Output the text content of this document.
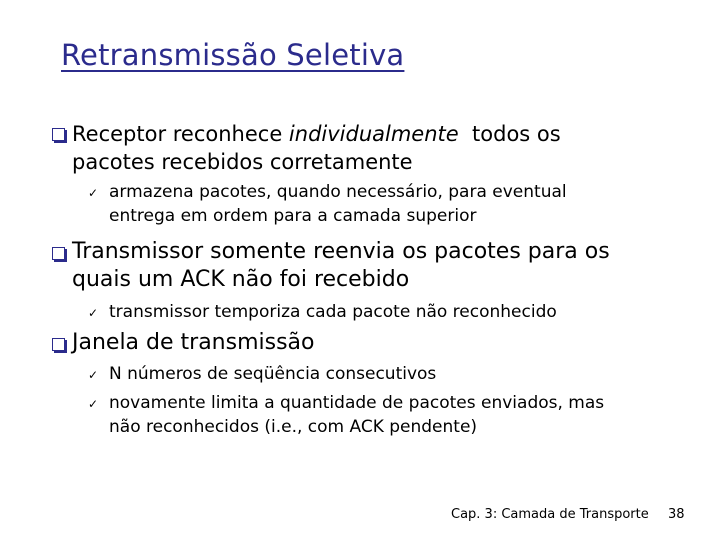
Retransmissão Seletiva
Receptor reconhece individualmente  todos os
pacotes recebidos corretamente
✓ armazena pacotes, quando necessário, para eventual
entrega em ordem para a camada superior
Transmissor somente reenvia os pacotes para os
quais um ACK não foi recebido
✓ transmissor temporiza cada pacote não reconhecido
Janela de transmissão
✓ N números de seqüência consecutivos
✓ novamente limita a quantidade de pacotes enviados, mas
não reconhecidos (i.e., com ACK pendente)
Cap. 3: Camada de Transporte 38
